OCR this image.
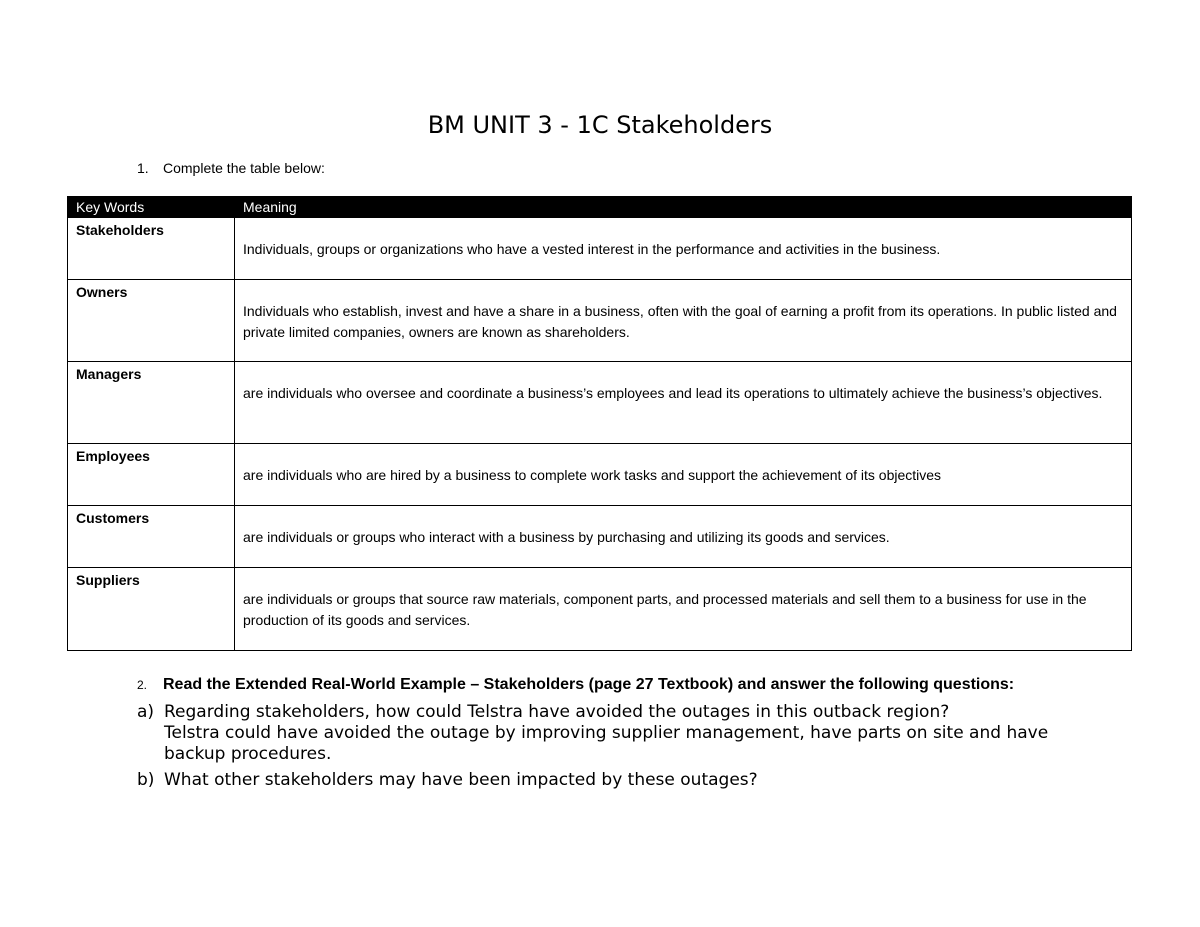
BM UNIT 3 - 1C Stakeholders
1. Complete the table below:
Key Words	Meaning
Stakeholders	Individuals, groups or organizations who have a vested interest in the performance and activities in the business.
Owners	Individuals who establish, invest and have a share in a business, often with the goal of earning a profit from its operations. In public listed and private limited companies, owners are known as shareholders.
Managers	are individuals who oversee and coordinate a business’s employees and lead its operations to ultimately achieve the business’s objectives.
Employees	are individuals who are hired by a business to complete work tasks and support the achievement of its objectives
Customers	are individuals or groups who interact with a business by purchasing and utilizing its goods and services.
Suppliers	are individuals or groups that source raw materials, component parts, and processed materials and sell them to a business for use in the production of its goods and services.
2. Read the Extended Real-World Example – Stakeholders (page 27 Textbook) and answer the following questions:
a) Regarding stakeholders, how could Telstra have avoided the outages in this outback region?
Telstra could have avoided the outage by improving supplier management, have parts on site and have backup procedures.
b) What other stakeholders may have been impacted by these outages?
